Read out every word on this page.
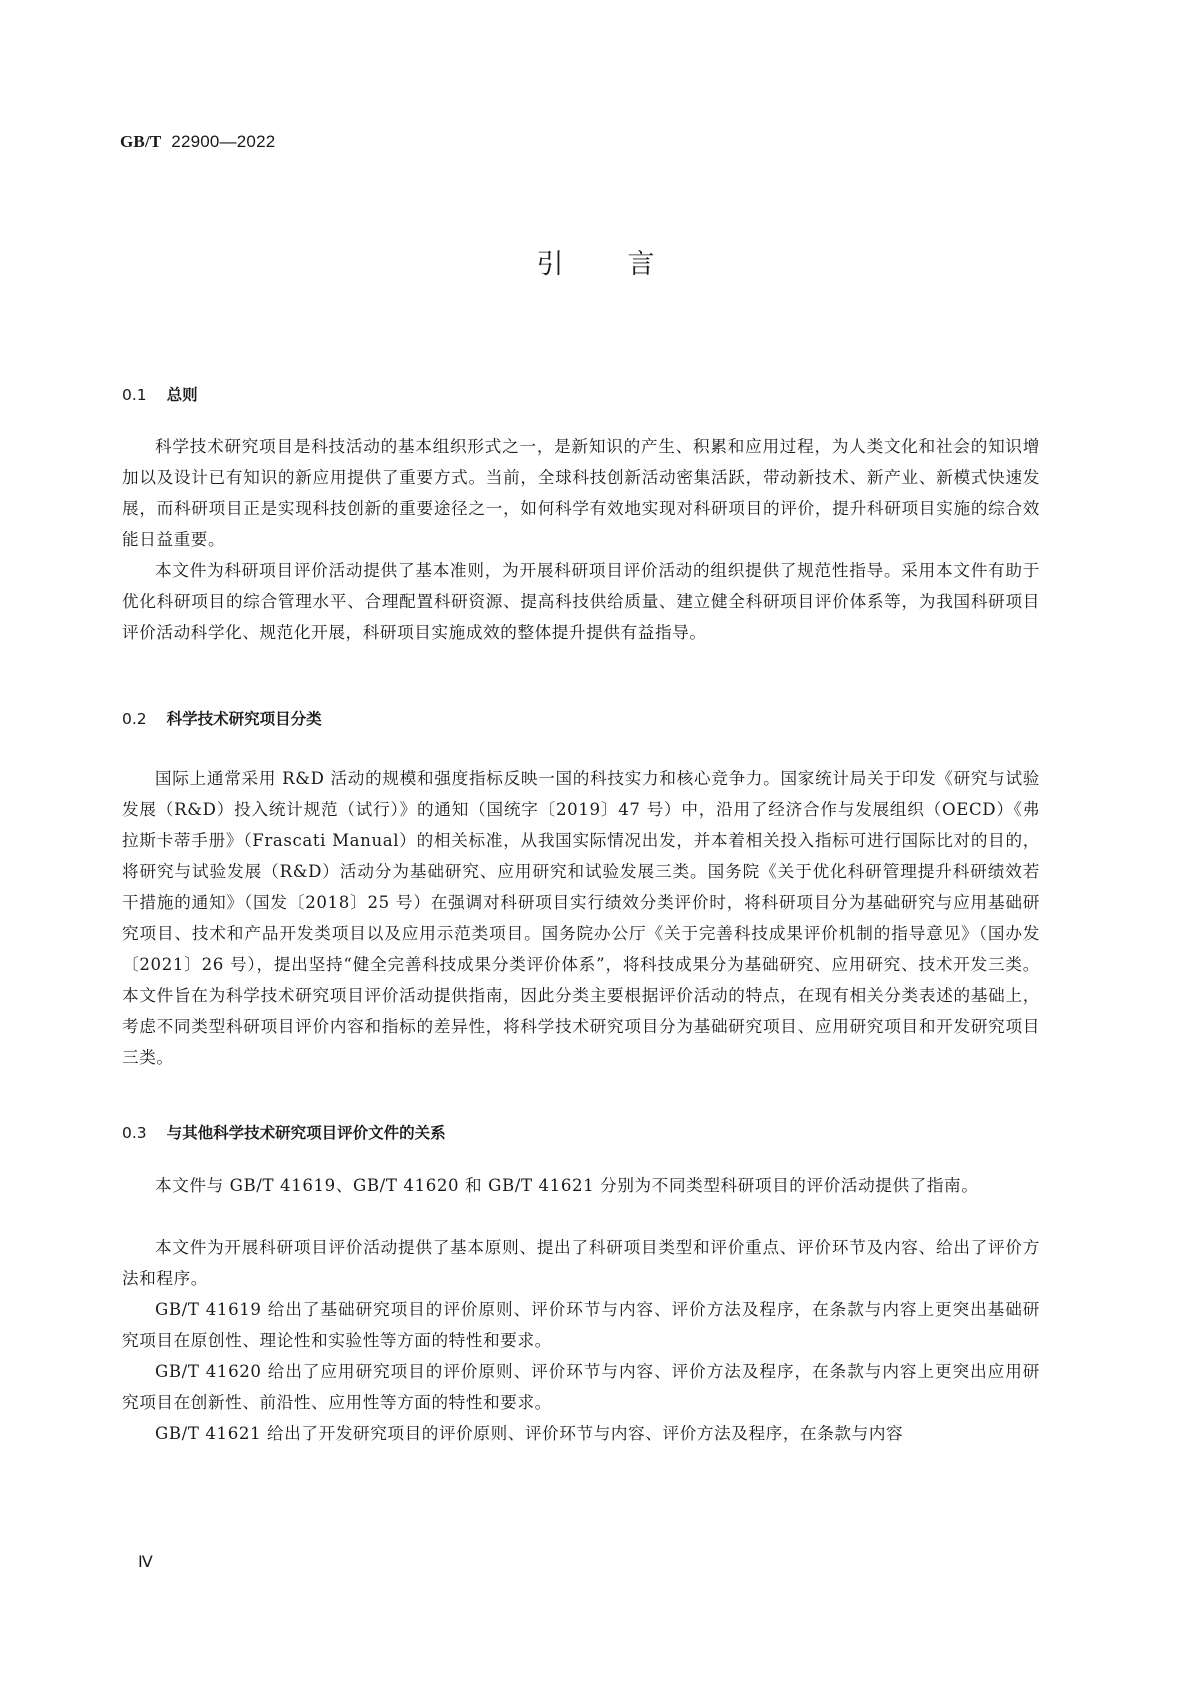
GB/T 22900—2022
引 言
0.1 总则

科学技术研究项目是科技活动的基本组织形式之一，是新知识的产生、积累和应用过程，为人类文化和社会的知识增加以及设计已有知识的新应用提供了重要方式。当前，全球科技创新活动密集活跃，带动新技术、新产业、新模式快速发展，而科研项目正是实现科技创新的重要途径之一，如何科学有效地实现对科研项目的评价，提升科研项目实施的综合效能日益重要。

本文件为科研项目评价活动提供了基本准则，为开展科研项目评价活动的组织提供了规范性指导。采用本文件有助于优化科研项目的综合管理水平、合理配置科研资源、提高科技供给质量、建立健全科研项目评价体系等，为我国科研项目评价活动科学化、规范化开展，科研项目实施成效的整体提升提供有益指导。

0.2 科学技术研究项目分类

国际上通常采用 R&D 活动的规模和强度指标反映一国的科技实力和核心竞争力。国家统计局关于印发《研究与试验发展（R&D）投入统计规范（试行）》的通知（国统字〔2019〕47 号）中，沿用了经济合作与发展组织（OECD）《弗拉斯卡蒂手册》（Frascati Manual）的相关标准，从我国实际情况出发，并本着相关投入指标可进行国际比对的目的，将研究与试验发展（R&D）活动分为基础研究、应用研究和试验发展三类。国务院《关于优化科研管理提升科研绩效若干措施的通知》（国发〔2018〕25 号）在强调对科研项目实行绩效分类评价时，将科研项目分为基础研究与应用基础研究项目、技术和产品开发类项目以及应用示范类项目。国务院办公厅《关于完善科技成果评价机制的指导意见》（国办发〔2021〕26 号），提出坚持“健全完善科技成果分类评价体系”，将科技成果分为基础研究、应用研究、技术开发三类。本文件旨在为科学技术研究项目评价活动提供指南，因此分类主要根据评价活动的特点，在现有相关分类表述的基础上，考虑不同类型科研项目评价内容和指标的差异性，将科学技术研究项目分为基础研究项目、应用研究项目和开发研究项目三类。

0.3 与其他科学技术研究项目评价文件的关系

本文件与 GB/T 41619、GB/T 41620 和 GB/T 41621 分别为不同类型科研项目的评价活动提供了指南。

本文件为开展科研项目评价活动提供了基本原则、提出了科研项目类型和评价重点、评价环节及内容、给出了评价方法和程序。

GB/T 41619 给出了基础研究项目的评价原则、评价环节与内容、评价方法及程序，在条款与内容上更突出基础研究项目在原创性、理论性和实验性等方面的特性和要求。

GB/T 41620 给出了应用研究项目的评价原则、评价环节与内容、评价方法及程序，在条款与内容上更突出应用研究项目在创新性、前沿性、应用性等方面的特性和要求。

GB/T 41621 给出了开发研究项目的评价原则、评价环节与内容、评价方法及程序，在条款与内容

Ⅳ
